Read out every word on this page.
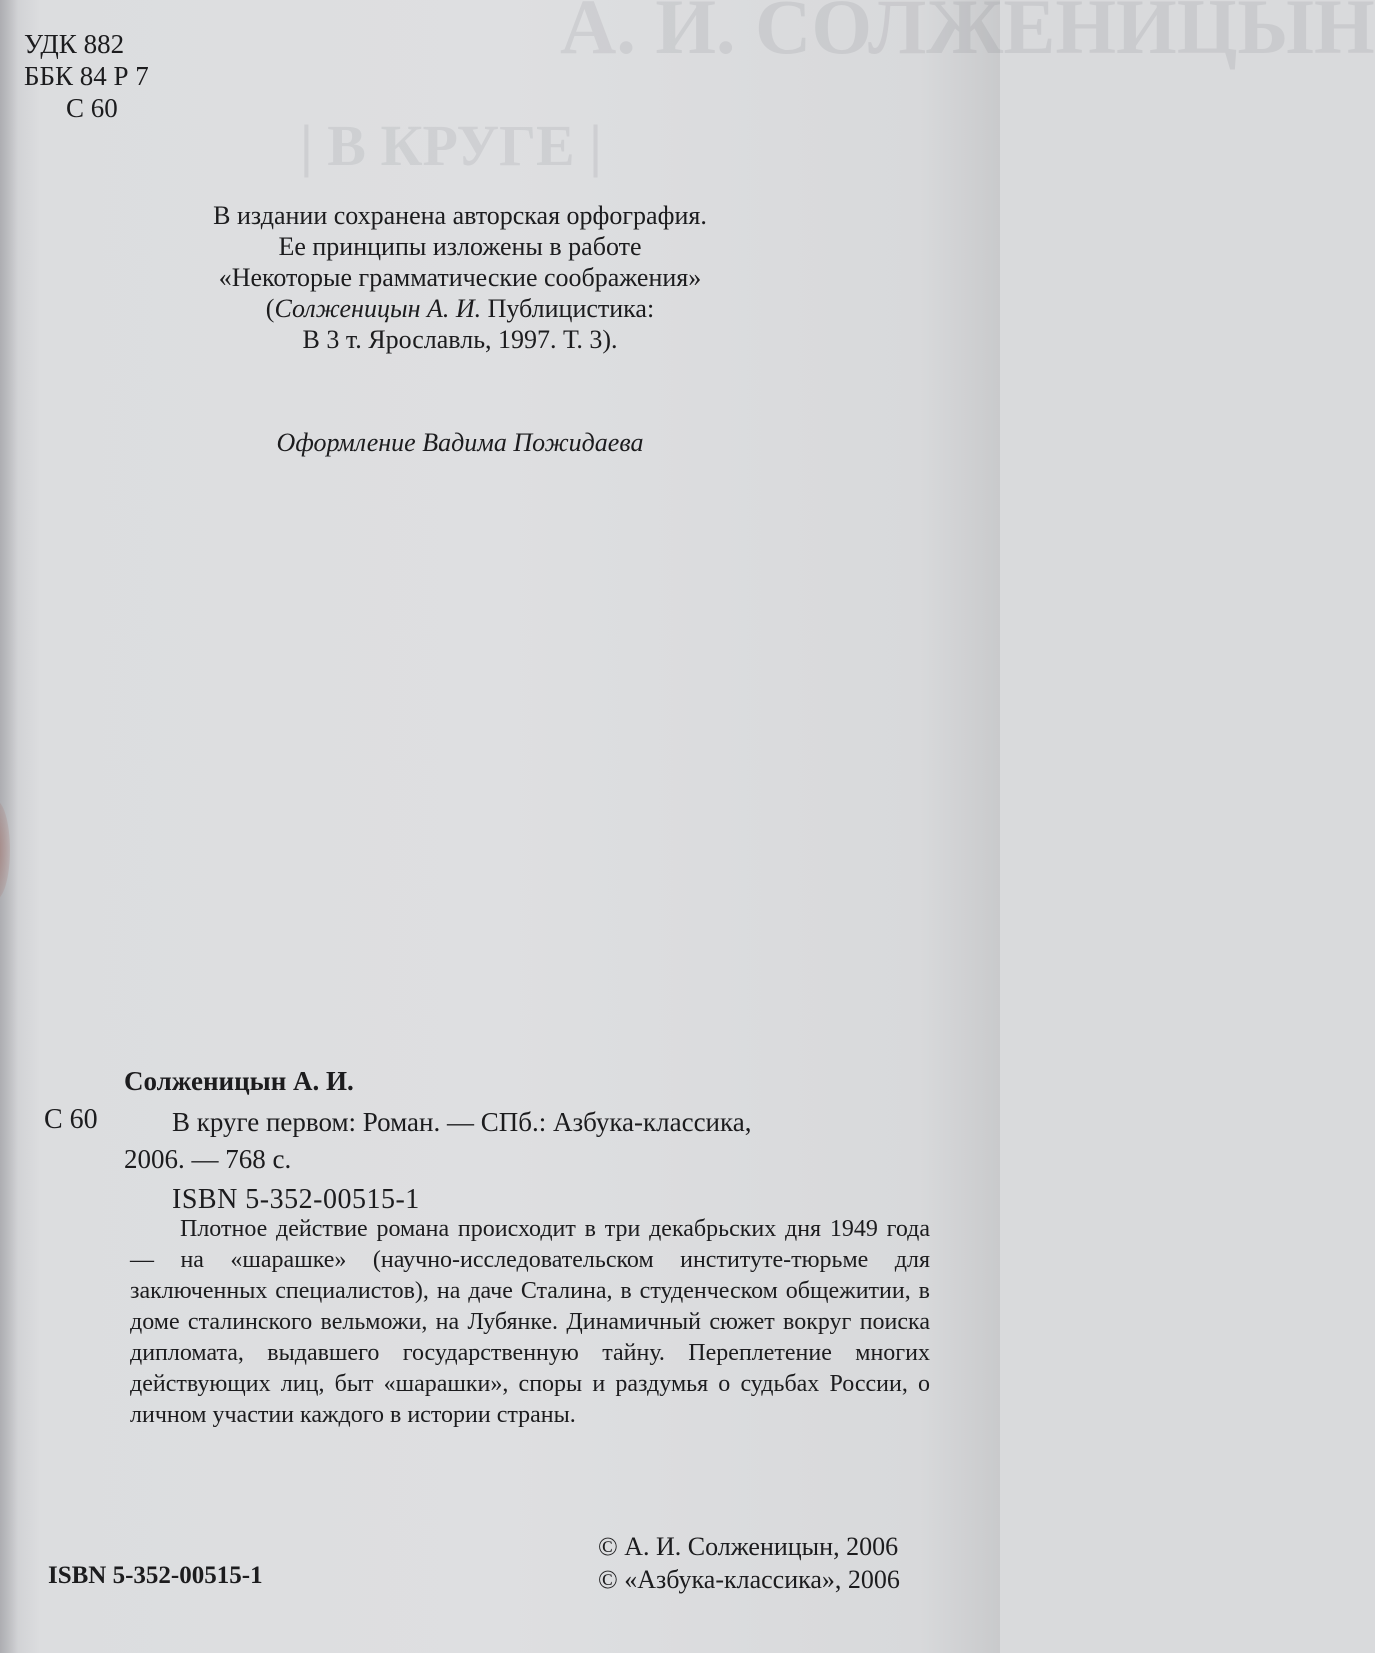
А. И. СОЛЖЕНИЦЫН
| В КРУГЕ |
УДК 882
ББК 84 Р 7
С 60
В издании сохранена авторская орфография.
Ее принципы изложены в работе
«Некоторые грамматические соображения»
(Солженицын А. И. Публицистика:
В 3 т. Ярославль, 1997. Т. 3).
Оформление Вадима Пожидаева
Солженицын А. И.
С 60	В круге первом: Роман. — СПб.: Азбука-классика,
2006. — 768 с.
ISBN 5-352-00515-1

Плотное действие романа происходит в три декабрьских дня 1949 года — на «шарашке» (научно-исследовательском институте-тюрьме для заключенных специалистов), на даче Сталина, в студенческом общежитии, в доме сталинского вельможи, на Лубянке. Динамичный сюжет вокруг поиска дипломата, выдавшего государственную тайну. Переплетение многих действующих лиц, быт «шарашки», споры и раздумья о судьбах России, о личном участии каждого в истории страны.

ISBN 5-352-00515-1
© А. И. Солженицын, 2006
© «Азбука-классика», 2006
